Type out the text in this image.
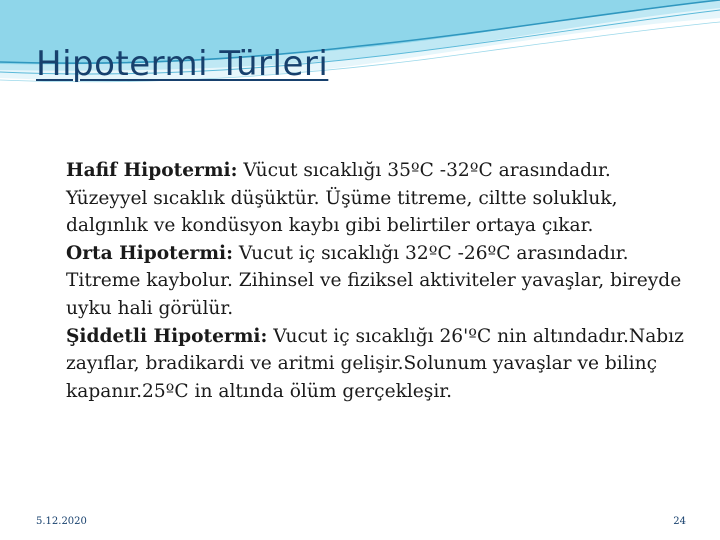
Hipotermi Türleri

Hafif Hipotermi: Vücut sıcaklığı 35ºC -32ºC arasındadır. Yüzeyyel sıcaklık düşüktür. Üşüme titreme, ciltte solukluk, dalgınlık ve kondüsyon kaybı gibi belirtiler ortaya çıkar.

Orta Hipotermi: Vucut iç sıcaklığı 32ºC -26ºC arasındadır. Titreme kaybolur. Zihinsel ve fiziksel aktiviteler yavaşlar, bireyde uyku hali görülür.

Şiddetli Hipotermi: Vucut iç sıcaklığı 26'ºC nin altındadır.Nabız zayıflar, bradikardi ve aritmi gelişir.Solunum yavaşlar ve bilinç kapanır.25ºC in altında ölüm gerçekleşir.

5.12.2020	24
